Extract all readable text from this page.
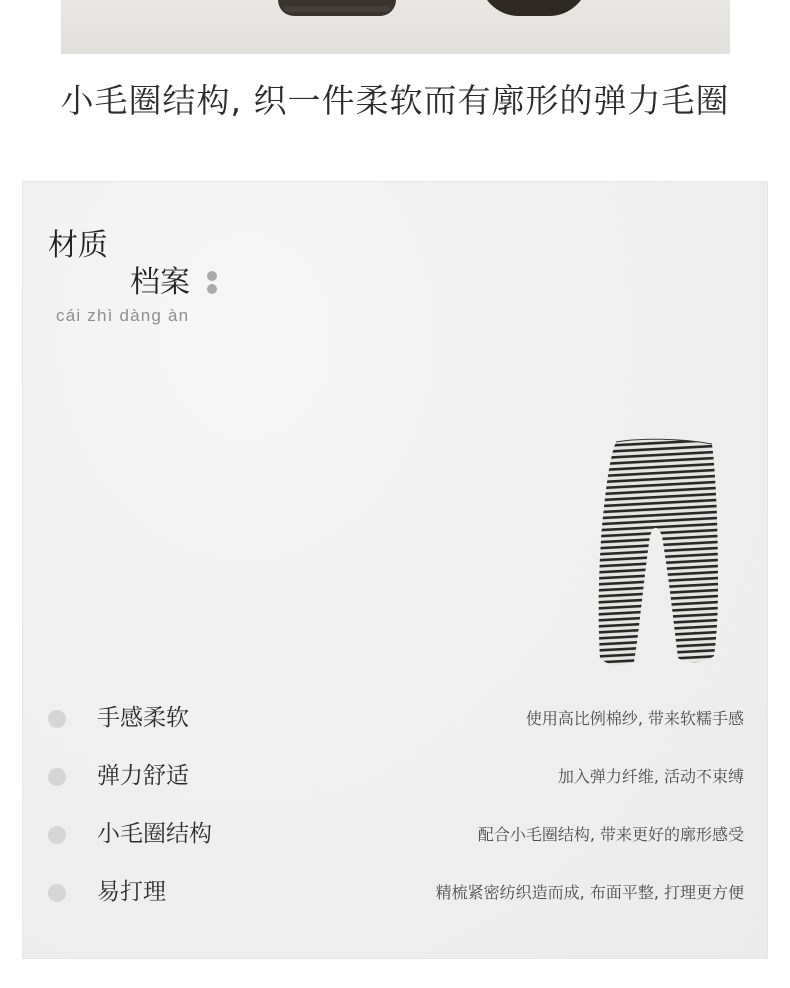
小毛圈结构, 织一件柔软而有廓形的弹力毛圈
材质
档案
cái zhì dàng àn
手感柔软	使用高比例棉纱, 带来软糯手感
弹力舒适	加入弹力纤维, 活动不束缚
小毛圈结构	配合小毛圈结构, 带来更好的廓形感受
易打理	精梳紧密纺织造而成, 布面平整, 打理更方便
